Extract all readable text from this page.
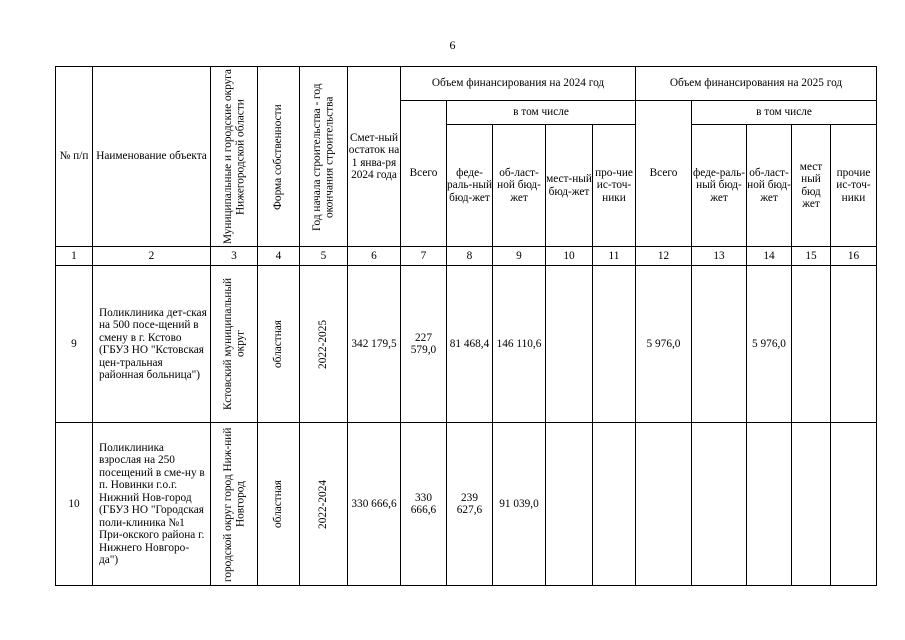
6
№ п/п	Наименование объекта	Муниципальные и городские округа Нижегородской области	Форма собственности	Год начала строительства - год окончания строительства	Смет-ный остаток на 1 янва-ря 2024 года	Объем финансирования на 2024 год					Объем финансирования на 2025 год				
						Всего	в том числе				Всего	в том числе			
							феде-раль-ный бюд-жет	об-ласт-ной бюд-жет	мест-ный бюд-жет	про-чие ис-точ-ники		феде-раль-ный бюд-жет	об-ласт-ной бюд-жет	мест ный бюд жет	прочие ис-точ-ники
1	2	3	4	5	6	7	8	9	10	11	12	13	14	15	16
9	Поликлиника дет-ская на 500 посе-щений в смену в г. Кстово (ГБУЗ НО "Кстовская цен-тральная районная больница")	Кстовский муниципальный округ	областная	2022-2025	342 179,5	227 579,0	81 468,4	146 110,6			5 976,0		5 976,0		
10	Поликлиника взрослая на 250 посещений в сме-ну в п. Новинки г.о.г. Нижний Нов-город (ГБУЗ НО "Городская поли-клиника №1 При-окского района г. Нижнего Новгоро-да")	городской округ город Ниж-ний Новгород	областная	2022-2024	330 666,6	330 666,6	239 627,6	91 039,0							
